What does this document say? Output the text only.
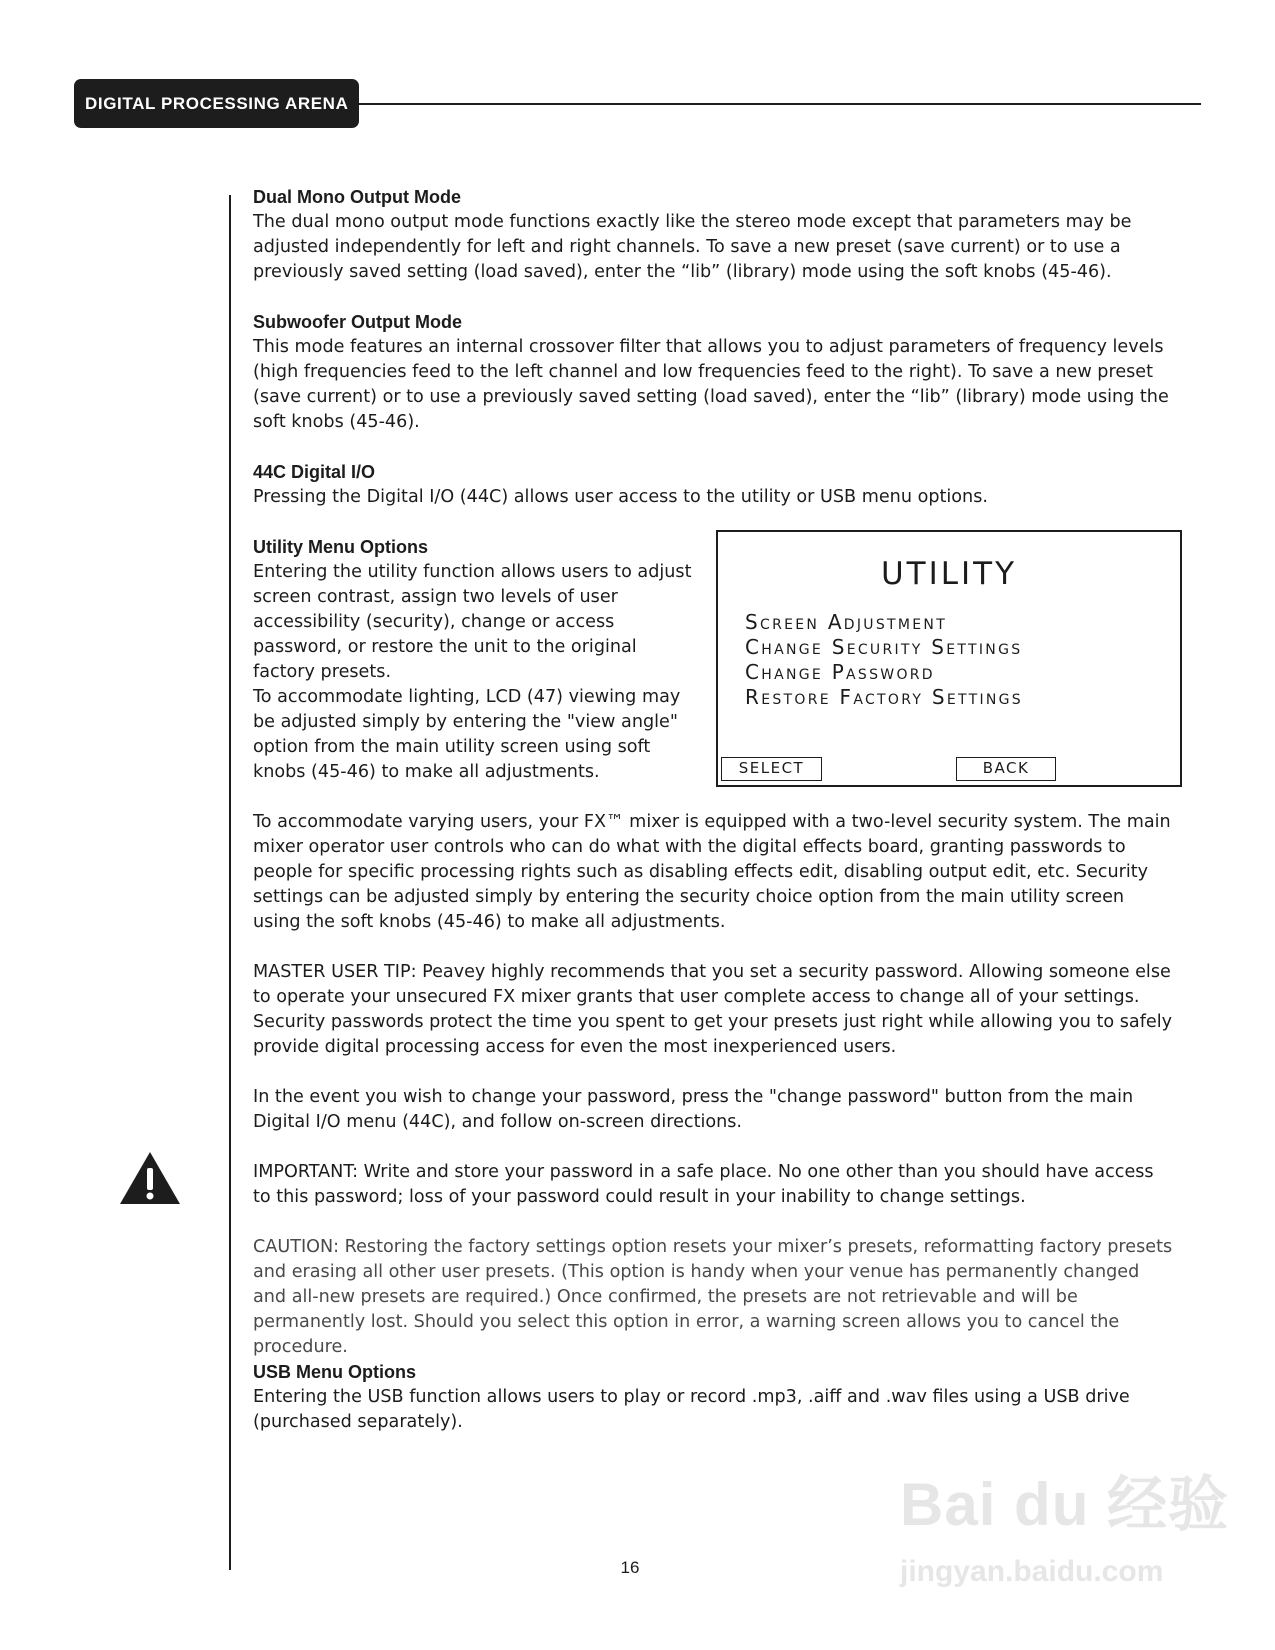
DIGITAL PROCESSING ARENA
Dual Mono Output Mode
The dual mono output mode functions exactly like the stereo mode except that parameters may be adjusted independently for left and right channels. To save a new preset (save current) or to use a previously saved setting (load saved), enter the “lib” (library) mode using the soft knobs (45-46).
Subwoofer Output Mode
This mode features an internal crossover filter that allows you to adjust parameters of frequency levels (high frequencies feed to the left channel and low frequencies feed to the right). To save a new preset (save current) or to use a previously saved setting (load saved), enter the “lib” (library) mode using the soft knobs (45-46).
44C Digital I/O
Pressing the Digital I/O (44C) allows user access to the utility or USB menu options.
Utility Menu Options
Entering the utility function allows users to adjust screen contrast, assign two levels of user accessibility (security), change or access password, or restore the unit to the original factory presets.
To accommodate lighting, LCD (47) viewing may be adjusted simply by entering the "view angle" option from the main utility screen using soft knobs (45-46) to make all adjustments.
UTILITY
Screen Adjustment
Change Security Settings
Change Password
Restore Factory Settings
SELECT	BACK
To accommodate varying users, your FX™ mixer is equipped with a two-level security system. The main mixer operator user controls who can do what with the digital effects board, granting passwords to people for specific processing rights such as disabling effects edit, disabling output edit, etc. Security settings can be adjusted simply by entering the security choice option from the main utility screen using the soft knobs (45-46) to make all adjustments.
MASTER USER TIP: Peavey highly recommends that you set a security password. Allowing someone else to operate your unsecured FX mixer grants that user complete access to change all of your settings. Security passwords protect the time you spent to get your presets just right while allowing you to safely provide digital processing access for even the most inexperienced users.
In the event you wish to change your password, press the "change password" button from the main Digital I/O menu (44C), and follow on-screen directions.
IMPORTANT: Write and store your password in a safe place. No one other than you should have access to this password; loss of your password could result in your inability to change settings.
CAUTION: Restoring the factory settings option resets your mixer’s presets, reformatting factory presets and erasing all other user presets. (This option is handy when your venue has permanently changed and all-new presets are required.) Once confirmed, the presets are not retrievable and will be permanently lost. Should you select this option in error, a warning screen allows you to cancel the procedure.
USB Menu Options
Entering the USB function allows users to play or record .mp3, .aiff and .wav files using a USB drive (purchased separately).
Bai du 经验
jingyan.baidu.com
16
